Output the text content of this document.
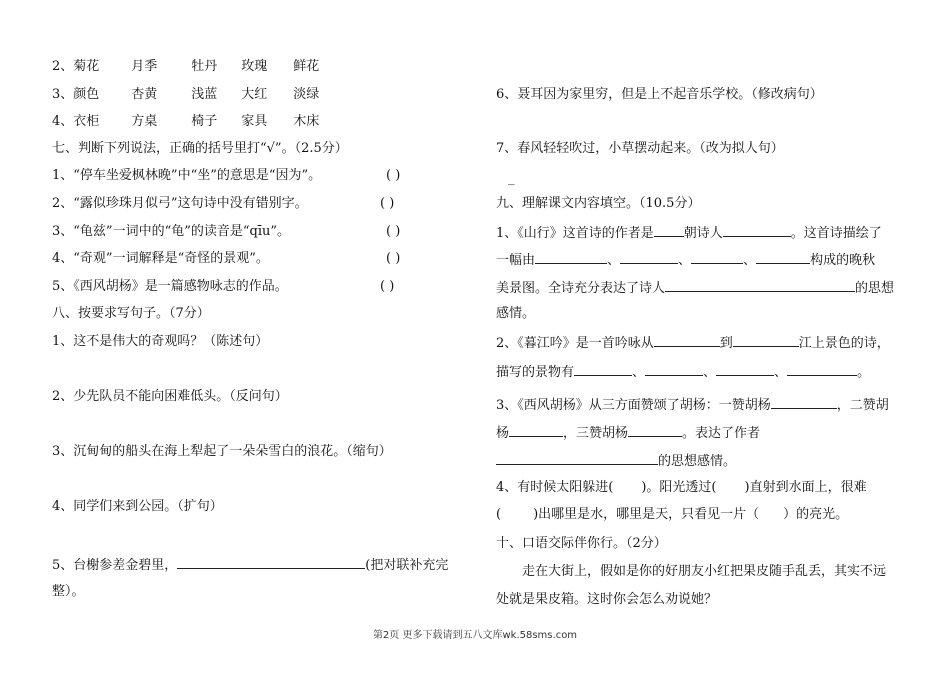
2、菊花 月季	牡丹 玫瑰 鲜花
3、颜色 杏黄	浅蓝 大红 淡绿
4、衣柜 方桌	椅子 家具 木床
七、判断下列说法，正确的括号里打“√”。（2.5分）
1、“停车坐爱枫林晚”中“坐”的意思是“因为”。	( )
2、“露似珍珠月似弓”这句诗中没有错别字。	( )
3、“龟兹”一词中的“龟”的读音是“qīu”。	( )
4、“奇观”一词解释是“奇怪的景观”。	( )
5、《西风胡杨》是一篇感物咏志的作品。	( )
八、按要求写句子。（7分）
1、这不是伟大的奇观吗？（陈述句）
2、少先队员不能向困难低头。（反问句）
3、沉甸甸的船头在海上犁起了一朵朵雪白的浪花。（缩句）
4、同学们来到公园。（扩句）
5、台榭参差金碧里，	(把对联补充完
整）。
6、聂耳因为家里穷，但是上不起音乐学校。（修改病句）
7、春风轻轻吹过，小草摆动起来。（改为拟人句）
_
九、理解课文内容填空。（10.5分）
1、《山行》这首诗的作者是 朝诗人	。这首诗描绘了
一幅由	、	、	、	构成的晚秋
美景图。全诗充分表达了诗人	的思想
感情。
2、《暮江吟》是一首吟咏从	到	江上景色的诗，
描写的景物有	、	、	、	。
3、《西风胡杨》从三方面赞颂了胡杨：一赞胡杨	，二赞胡
杨	，三赞胡杨	。表达了作者
的思想感情。
4、有时候太阳躲进( )。阳光透过( )直射到水面上，很难
( )出哪里是水，哪里是天，只看见一片（ ）的亮光。
十、口语交际伴你行。（2分）
走在大街上，假如是你的好朋友小红把果皮随手乱丢，其实不远
处就是果皮箱。这时你会怎么劝说她？
第2页 更多下载请到五八文库wk.58sms.com
